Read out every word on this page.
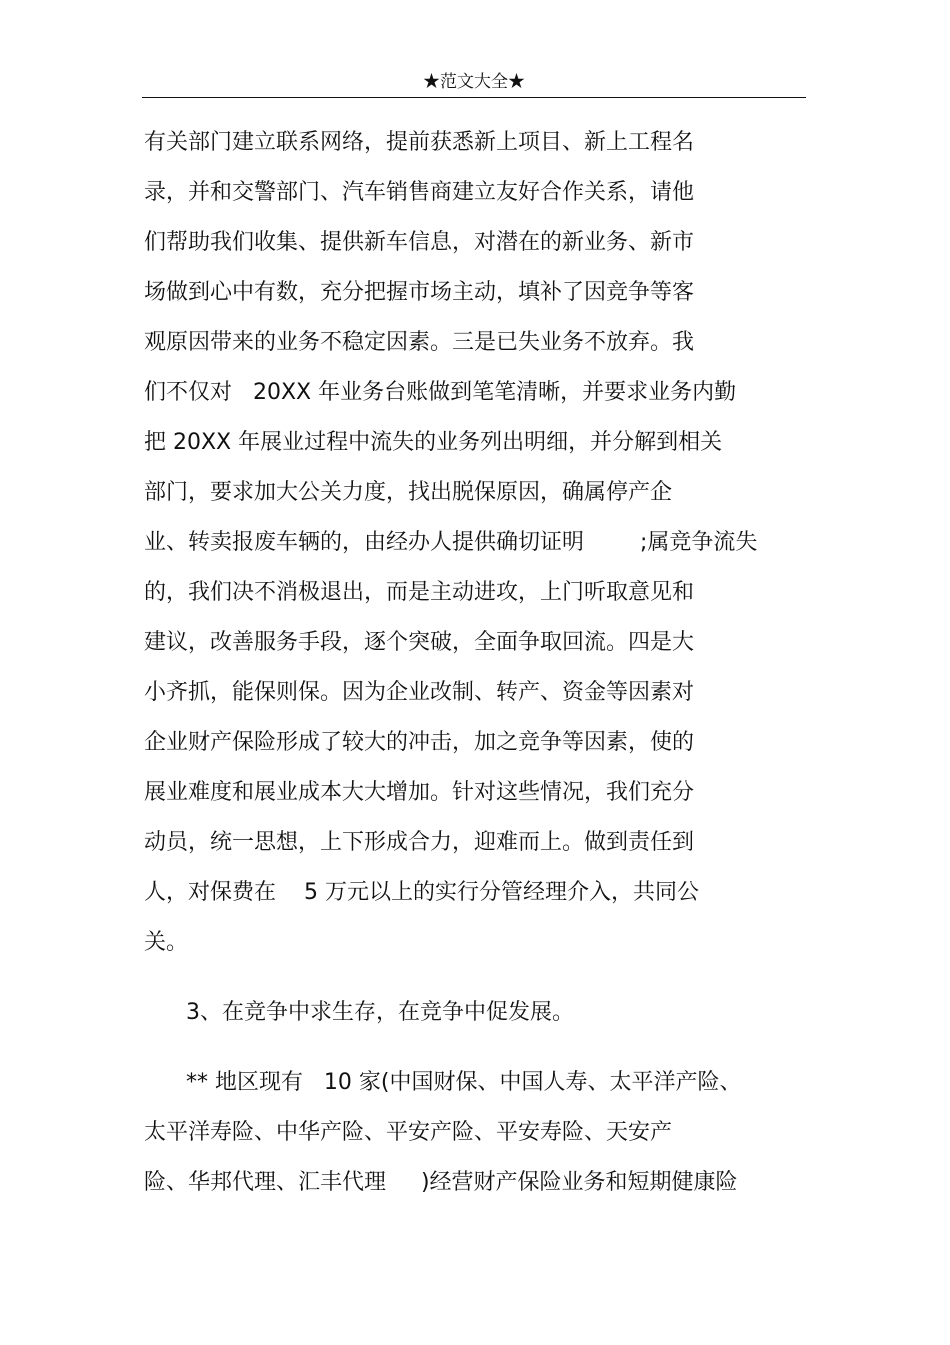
★范文大全★
有关部门建立联系网络，提前获悉新上项目、新上工程名
录，并和交警部门、汽车销售商建立友好合作关系，请他
们帮助我们收集、提供新车信息，对潜在的新业务、新市
场做到心中有数，充分把握市场主动，填补了因竞争等客
观原因带来的业务不稳定因素。三是已失业务不放弃。我
们不仅对   20XX 年业务台账做到笔笔清晰，并要求业务内勤
把 20XX 年展业过程中流失的业务列出明细，并分解到相关
部门，要求加大公关力度，找出脱保原因，确属停产企
业、转卖报废车辆的，由经办人提供确切证明        ;属竞争流失
的，我们决不消极退出，而是主动进攻，上门听取意见和
建议，改善服务手段，逐个突破，全面争取回流。四是大
小齐抓，能保则保。因为企业改制、转产、资金等因素对
企业财产保险形成了较大的冲击，加之竞争等因素，使的
展业难度和展业成本大大增加。针对这些情况，我们充分
动员，统一思想，上下形成合力，迎难而上。做到责任到
人，对保费在    5 万元以上的实行分管经理介入，共同公
关。
3、在竞争中求生存，在竞争中促发展。
** 地区现有   10 家(中国财保、中国人寿、太平洋产险、
太平洋寿险、中华产险、平安产险、平安寿险、天安产
险、华邦代理、汇丰代理     )经营财产保险业务和短期健康险
